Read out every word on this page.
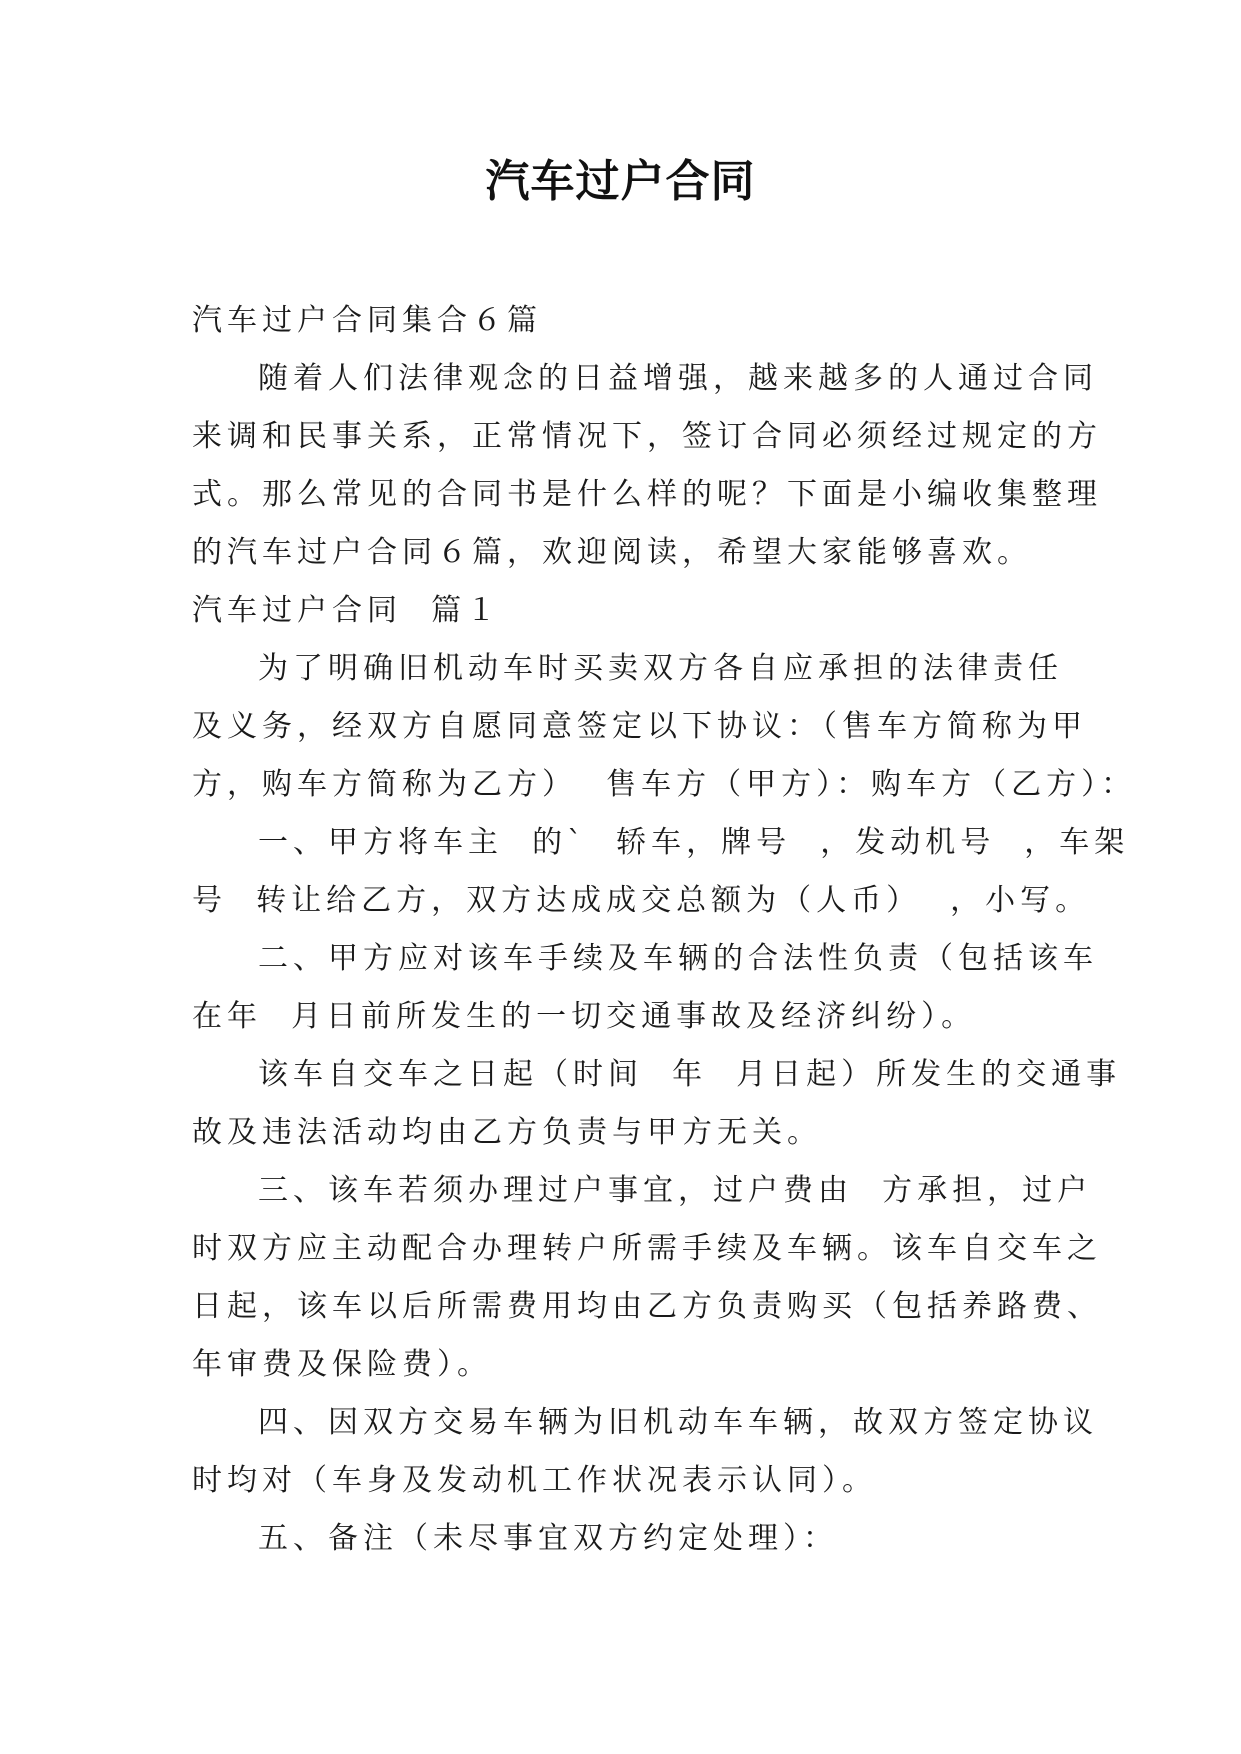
汽车过户合同

汽车过户合同集合６篇

随着人们法律观念的日益增强，越来越多的人通过合同

来调和民事关系，正常情况下，签订合同必须经过规定的方

式。那么常见的合同书是什么样的呢？下面是小编收集整理

的汽车过户合同６篇，欢迎阅读，希望大家能够喜欢。

汽车过户合同  篇１

为了明确旧机动车时买卖双方各自应承担的法律责任

及义务，经双方自愿同意签定以下协议：（售车方简称为甲

方，购车方简称为乙方）  售车方（甲方）：购车方（乙方）：

一、甲方将车主  的`  轿车，牌号  ，发动机号  ，车架

号  转让给乙方，双方达成成交总额为（人币）  ，小写。

二、甲方应对该车手续及车辆的合法性负责（包括该车

在年  月日前所发生的一切交通事故及经济纠纷）。

该车自交车之日起（时间  年  月日起）所发生的交通事

故及违法活动均由乙方负责与甲方无关。

三、该车若须办理过户事宜，过户费由  方承担，过户

时双方应主动配合办理转户所需手续及车辆。该车自交车之

日起，该车以后所需费用均由乙方负责购买（包括养路费、

年审费及保险费）。

四、因双方交易车辆为旧机动车车辆，故双方签定协议

时均对（车身及发动机工作状况表示认同）。

五、备注（未尽事宜双方约定处理）：
